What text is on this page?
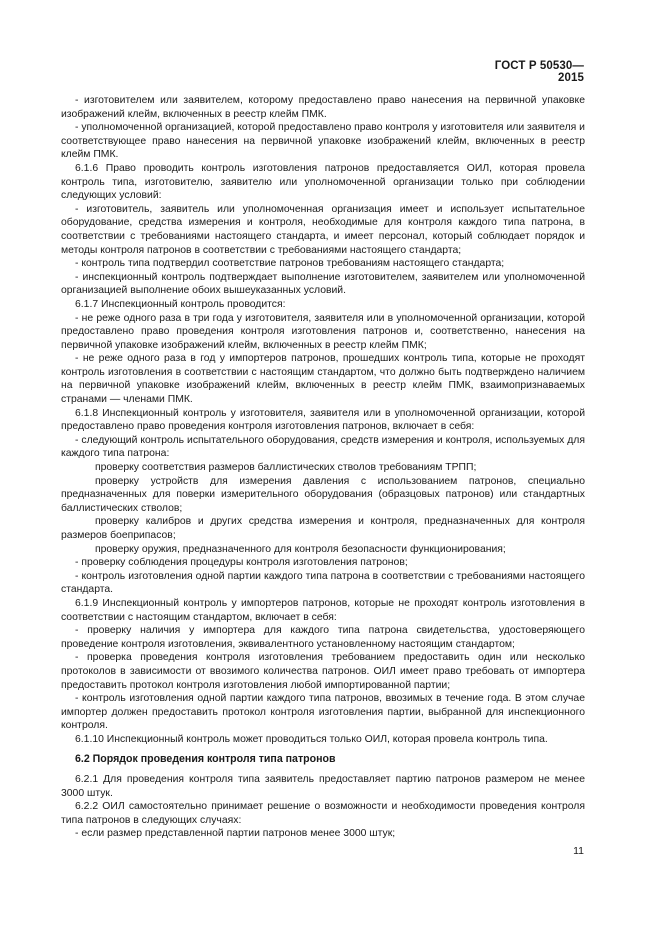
ГОСТ Р 50530—2015

- изготовителем или заявителем, которому предоставлено право нанесения на первичной упаковке изображений клейм, включенных в реестр клейм ПМК.

- уполномоченной организацией, которой предоставлено право контроля у изготовителя или заявителя и соответствующее право нанесения на первичной упаковке изображений клейм, включенных в реестр клейм ПМК.

6.1.6 Право проводить контроль изготовления патронов предоставляется ОИЛ, которая провела контроль типа, изготовителю, заявителю или уполномоченной организации только при соблюдении следующих условий:

- изготовитель, заявитель или уполномоченная организация имеет и использует испытательное оборудование, средства измерения и контроля, необходимые для контроля каждого типа патрона, в соответствии с требованиями настоящего стандарта, и имеет персонал, который соблюдает порядок и методы контроля патронов в соответствии с требованиями настоящего стандарта;

- контроль типа подтвердил соответствие патронов требованиям настоящего стандарта;

- инспекционный контроль подтверждает выполнение изготовителем, заявителем или уполномоченной организацией выполнение обоих вышеуказанных условий.

6.1.7 Инспекционный контроль проводится:

- не реже одного раза в три года у изготовителя, заявителя или в уполномоченной организации, которой предоставлено право проведения контроля изготовления патронов и, соответственно, нанесения на первичной упаковке изображений клейм, включенных в реестр клейм ПМК;

- не реже одного раза в год у импортеров патронов, прошедших контроль типа, которые не проходят контроль изготовления в соответствии с настоящим стандартом, что должно быть подтверждено наличием на первичной упаковке изображений клейм, включенных в реестр клейм ПМК, взаимопризнаваемых странами — членами ПМК.

6.1.8 Инспекционный контроль у изготовителя, заявителя или в уполномоченной организации, которой предоставлено право проведения контроля изготовления патронов, включает в себя:

- следующий контроль испытательного оборудования, средств измерения и контроля, используемых для каждого типа патрона:

проверку соответствия размеров баллистических стволов требованиям ТРПП;

проверку устройств для измерения давления с использованием патронов, специально предназначенных для поверки измерительного оборудования (образцовых патронов) или стандартных баллистических стволов;

проверку калибров и других средства измерения и контроля, предназначенных для контроля размеров боеприпасов;

проверку оружия, предназначенного для контроля безопасности функционирования;

- проверку соблюдения процедуры контроля изготовления патронов;

- контроль изготовления одной партии каждого типа патрона в соответствии с требованиями настоящего стандарта.

6.1.9 Инспекционный контроль у импортеров патронов, которые не проходят контроль изготовления в соответствии с настоящим стандартом, включает в себя:

- проверку наличия у импортера для каждого типа патрона свидетельства, удостоверяющего проведение контроля изготовления, эквивалентного установленному настоящим стандартом;

- проверка проведения контроля изготовления требованием предоставить один или несколько протоколов в зависимости от ввозимого количества патронов. ОИЛ имеет право требовать от импортера предоставить протокол контроля изготовления любой импортированной партии;

- контроль изготовления одной партии каждого типа патронов, ввозимых в течение года. В этом случае импортер должен предоставить протокол контроля изготовления партии, выбранной для инспекционного контроля.

6.1.10 Инспекционный контроль может проводиться только ОИЛ, которая провела контроль типа.

6.2 Порядок проведения контроля типа патронов

6.2.1 Для проведения контроля типа заявитель предоставляет партию патронов размером не менее 3000 штук.

6.2.2 ОИЛ самостоятельно принимает решение о возможности и необходимости проведения контроля типа патронов в следующих случаях:

- если размер представленной партии патронов менее 3000 штук;

11
